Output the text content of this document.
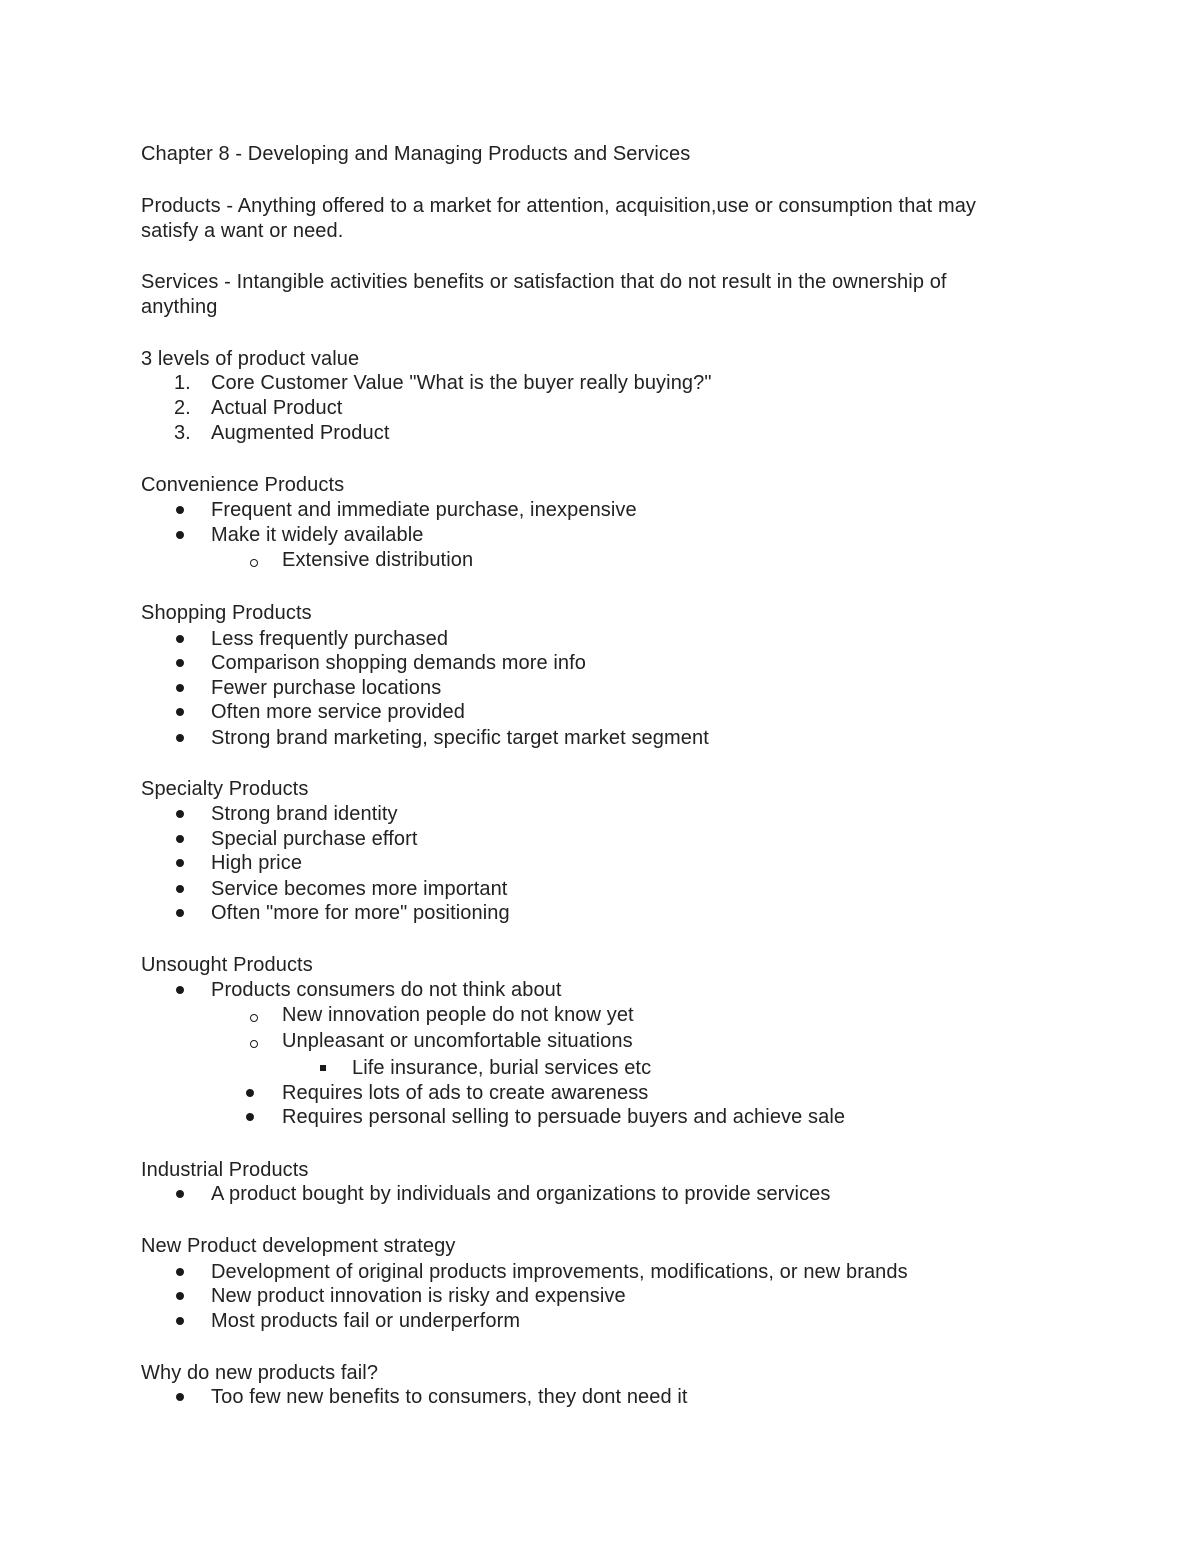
Chapter 8 - Developing and Managing Products and Services
Products - Anything offered to a market for attention, acquisition,use or consumption that may
satisfy a want or need.
Services - Intangible activities benefits or satisfaction that do not result in the ownership of
anything
3 levels of product value
1. Core Customer Value "What is the buyer really buying?"
2. Actual Product
3. Augmented Product
Convenience Products
Frequent and immediate purchase, inexpensive
Make it widely available
Extensive distribution
Shopping Products
Less frequently purchased
Comparison shopping demands more info
Fewer purchase locations
Often more service provided
Strong brand marketing, specific target market segment
Specialty Products
Strong brand identity
Special purchase effort
High price
Service becomes more important
Often "more for more" positioning
Unsought Products
Products consumers do not think about
New innovation people do not know yet
Unpleasant or uncomfortable situations
Life insurance, burial services etc
Requires lots of ads to create awareness
Requires personal selling to persuade buyers and achieve sale
Industrial Products
A product bought by individuals and organizations to provide services
New Product development strategy
Development of original products improvements, modifications, or new brands
New product innovation is risky and expensive
Most products fail or underperform
Why do new products fail?
Too few new benefits to consumers, they dont need it
